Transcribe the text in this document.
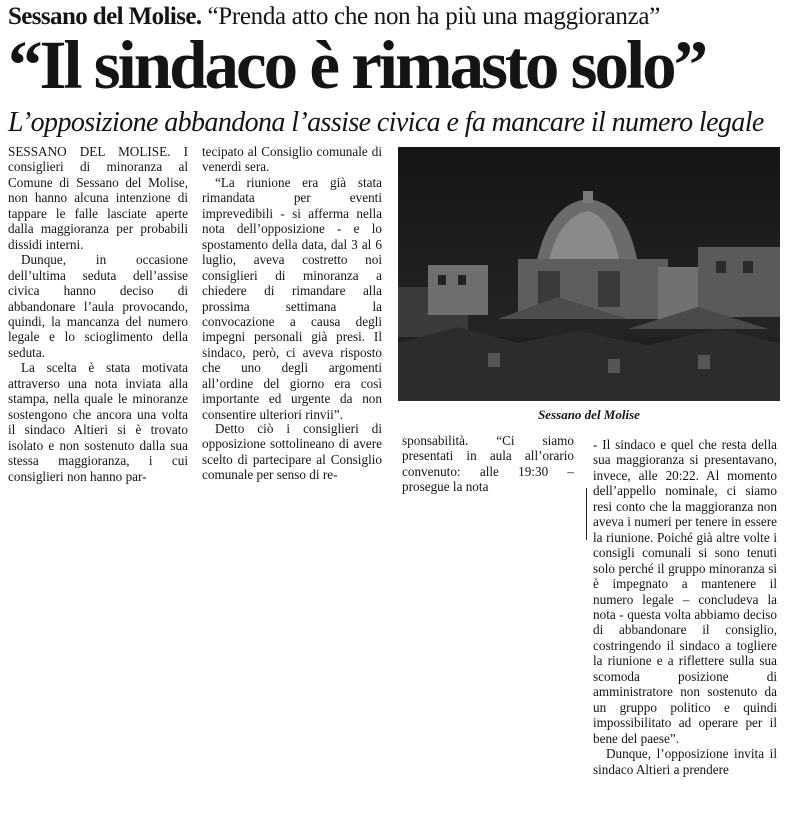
Sessano del Molise. “Prenda atto che non ha più una maggioranza”
“Il sindaco è rimasto solo”
L’opposizione abbandona l’assise civica e fa mancare il numero legale

SESSANO DEL MOLISE. I consiglieri di minoranza al Comune di Sessano del Molise, non hanno alcuna intenzione di tappare le falle lasciate aperte dalla maggioranza per probabili dissidi interni.

Dunque, in occasione dell’ultima seduta dell’assise civica hanno deciso di abbandonare l’aula provocando, quindi, la mancanza del numero legale e lo scioglimento della seduta.

La scelta è stata motivata attraverso una nota inviata alla stampa, nella quale le minoranze sostengono che ancora una volta il sindaco Altieri si è trovato isolato e non sostenuto dalla sua stessa maggioranza, i cui consiglieri non hanno par-

tecipato al Consiglio comunale di venerdì sera.

“La riunione era già stata rimandata per eventi imprevedibili - si afferma nella nota dell’opposizione - e lo spostamento della data, dal 3 al 6 luglio, aveva costretto noi consiglieri di minoranza a chiedere di rimandare alla prossima settimana la convocazione a causa degli impegni personali già presi. Il sindaco, però, ci aveva risposto che uno degli argomenti all’ordine del giorno era così importante ed urgente da non consentire ulteriori rinvii”.

Detto ciò i consiglieri di opposizione sottolineano di avere scelto di partecipare al Consiglio comunale per senso di re-

Sessano del Molise

sponsabilità. “Ci siamo presentati in aula all’orario convenuto: alle 19:30 – prosegue la nota

- Il sindaco e quel che resta della sua maggioranza si presentavano, invece, alle 20:22. Al momento dell’appello nominale, ci siamo resi conto che la maggioranza non aveva i numeri per tenere in essere la riunione. Poiché già altre volte i consigli comunali si sono tenuti solo perché il gruppo minoranza si è impegnato a mantenere il numero legale – concludeva la nota - questa volta abbiamo deciso di abbandonare il consiglio, costringendo il sindaco a togliere la riunione e a riflettere sulla sua scomoda posizione di amministratore non sostenuto da un gruppo politico e quindi impossibilitato ad operare per il bene del paese”.

Dunque, l’opposizione invita il sindaco Altieri a prendere
